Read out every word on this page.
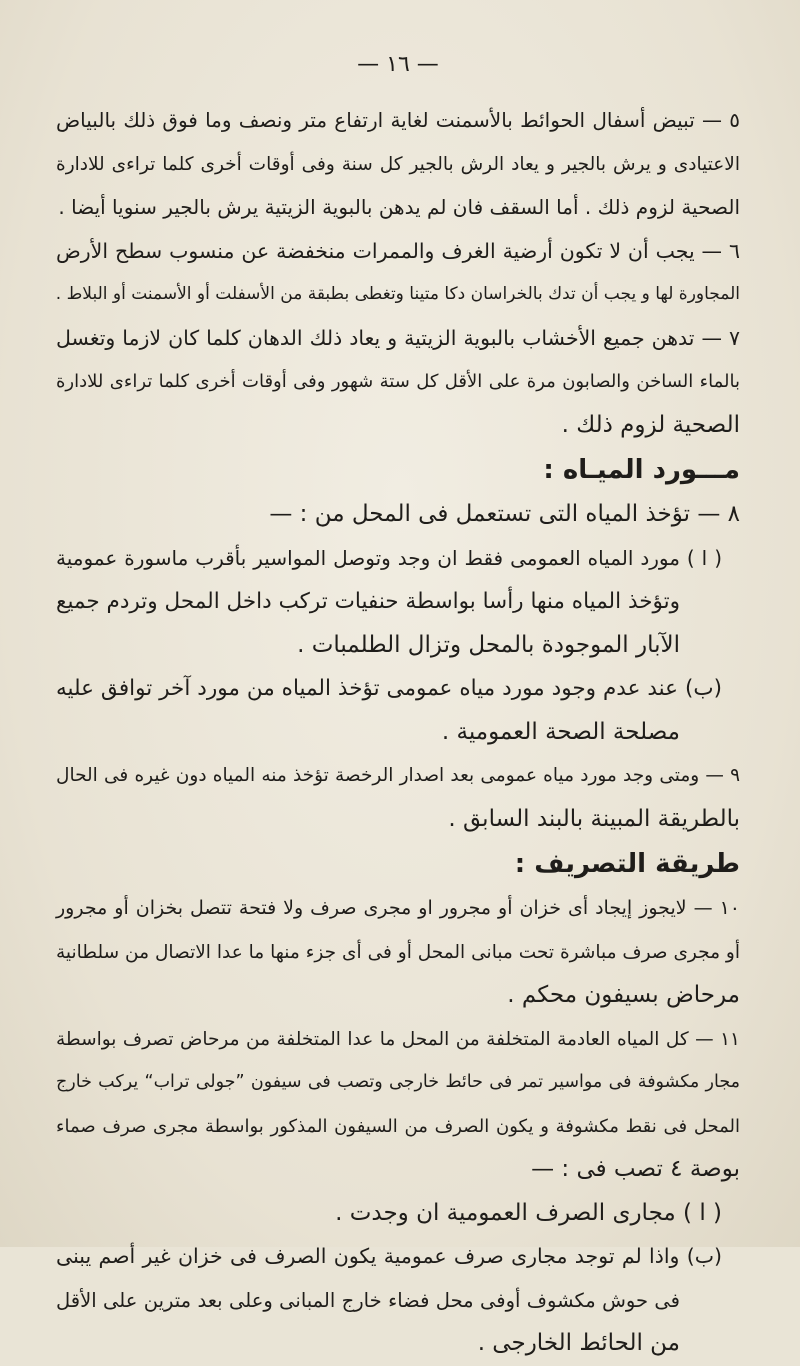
— ١٦ —
٥ — تبيض أسفال الحوائط بالأسمنت لغاية ارتفاع متر ونصف وما فوق ذلك بالبياض
الاعتيادى و يرش بالجير و يعاد الرش بالجير كل سنة وفى أوقات أخرى كلما تراءى للادارة
الصحية لزوم ذلك . أما السقف فان لم يدهن بالبوية الزيتية يرش بالجير سنويا أيضا .
٦ — يجب أن لا تكون أرضية الغرف والممرات منخفضة عن منسوب سطح الأرض
المجاورة لها و يجب أن تدك بالخراسان دكا متينا وتغطى بطبقة من الأسفلت أو الأسمنت أو البلاط .
٧ — تدهن جميع الأخشاب بالبوية الزيتية و يعاد ذلك الدهان كلما كان لازما وتغسل
بالماء الساخن والصابون مرة على الأقل كل ستة شهور وفى أوقات أخرى كلما تراءى للادارة
الصحية لزوم ذلك .
مـــورد الميـاه :
٨ — تؤخذ المياه التى تستعمل فى المحل من : —
( ا ) مورد المياه العمومى فقط ان وجد وتوصل المواسير بأقرب ماسورة عمومية
وتؤخذ المياه منها رأسا بواسطة حنفيات تركب داخل المحل وتردم جميع
الآبار الموجودة بالمحل وتزال الطلمبات .
(ب) عند عدم وجود مورد مياه عمومى تؤخذ المياه من مورد آخر توافق عليه
مصلحة الصحة العمومية .
٩ — ومتى وجد مورد مياه عمومى بعد اصدار الرخصة تؤخذ منه المياه دون غيره فى الحال
بالطريقة المبينة بالبند السابق .
طريقة التصريف :
١٠ — لايجوز إيجاد أى خزان أو مجرور او مجرى صرف ولا فتحة تتصل بخزان أو مجرور
أو مجرى صرف مباشرة تحت مبانى المحل أو فى أى جزء منها ما عدا الاتصال من سلطانية
مرحاض بسيفون محكم .
١١ — كل المياه العادمة المتخلفة من المحل ما عدا المتخلفة من مرحاض تصرف بواسطة
مجار مكشوفة فى مواسير تمر فى حائط خارجى وتصب فى سيفون ”جولى تراب“ يركب خارج
المحل فى نقط مكشوفة و يكون الصرف من السيفون المذكور بواسطة مجرى صرف صماء
بوصة ٤ تصب فى : —
( ا ) مجارى الصرف العمومية ان وجدت .
(ب) واذا لم توجد مجارى صرف عمومية يكون الصرف فى خزان غير أصم يبنى
فى حوش مكشوف أوفى محل فضاء خارج المبانى وعلى بعد مترين على الأقل
من الحائط الخارجى .
